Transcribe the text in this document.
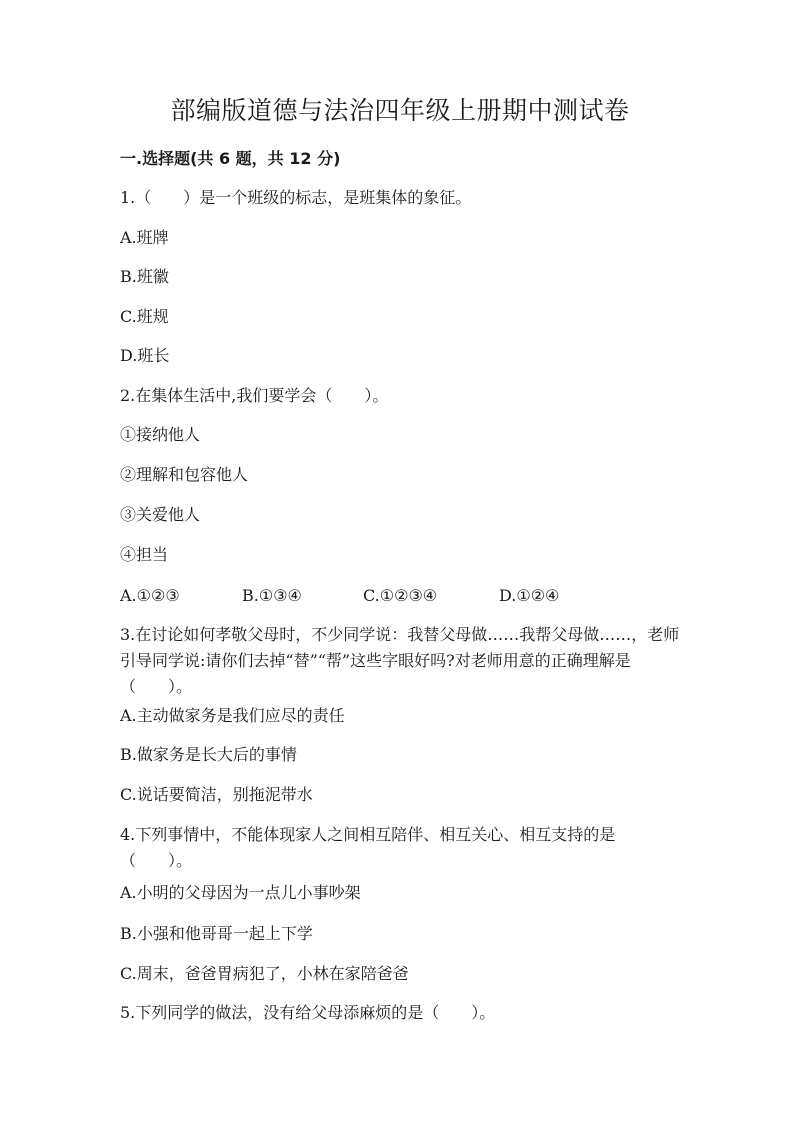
部编版道德与法治四年级上册期中测试卷
一.选择题(共 6 题，共 12 分)
1.（　　）是一个班级的标志，是班集体的象征。
A.班牌
B.班徽
C.班规
D.班长
2.在集体生活中,我们要学会（　　）。
①接纳他人
②理解和包容他人
③关爱他人
④担当
A.①②③	B.①③④	C.①②③④	D.①②④
3.在讨论如何孝敬父母时，不少同学说：我替父母做……我帮父母做……，老师引导同学说:请你们去掉“替”“帮”这些字眼好吗?对老师用意的正确理解是（　　）。
A.主动做家务是我们应尽的责任
B.做家务是长大后的事情
C.说话要简洁，别拖泥带水
4.下列事情中，不能体现家人之间相互陪伴、相互关心、相互支持的是（　　）。
A.小明的父母因为一点儿小事吵架
B.小强和他哥哥一起上下学
C.周末，爸爸胃病犯了，小林在家陪爸爸
5.下列同学的做法，没有给父母添麻烦的是（　　）。
